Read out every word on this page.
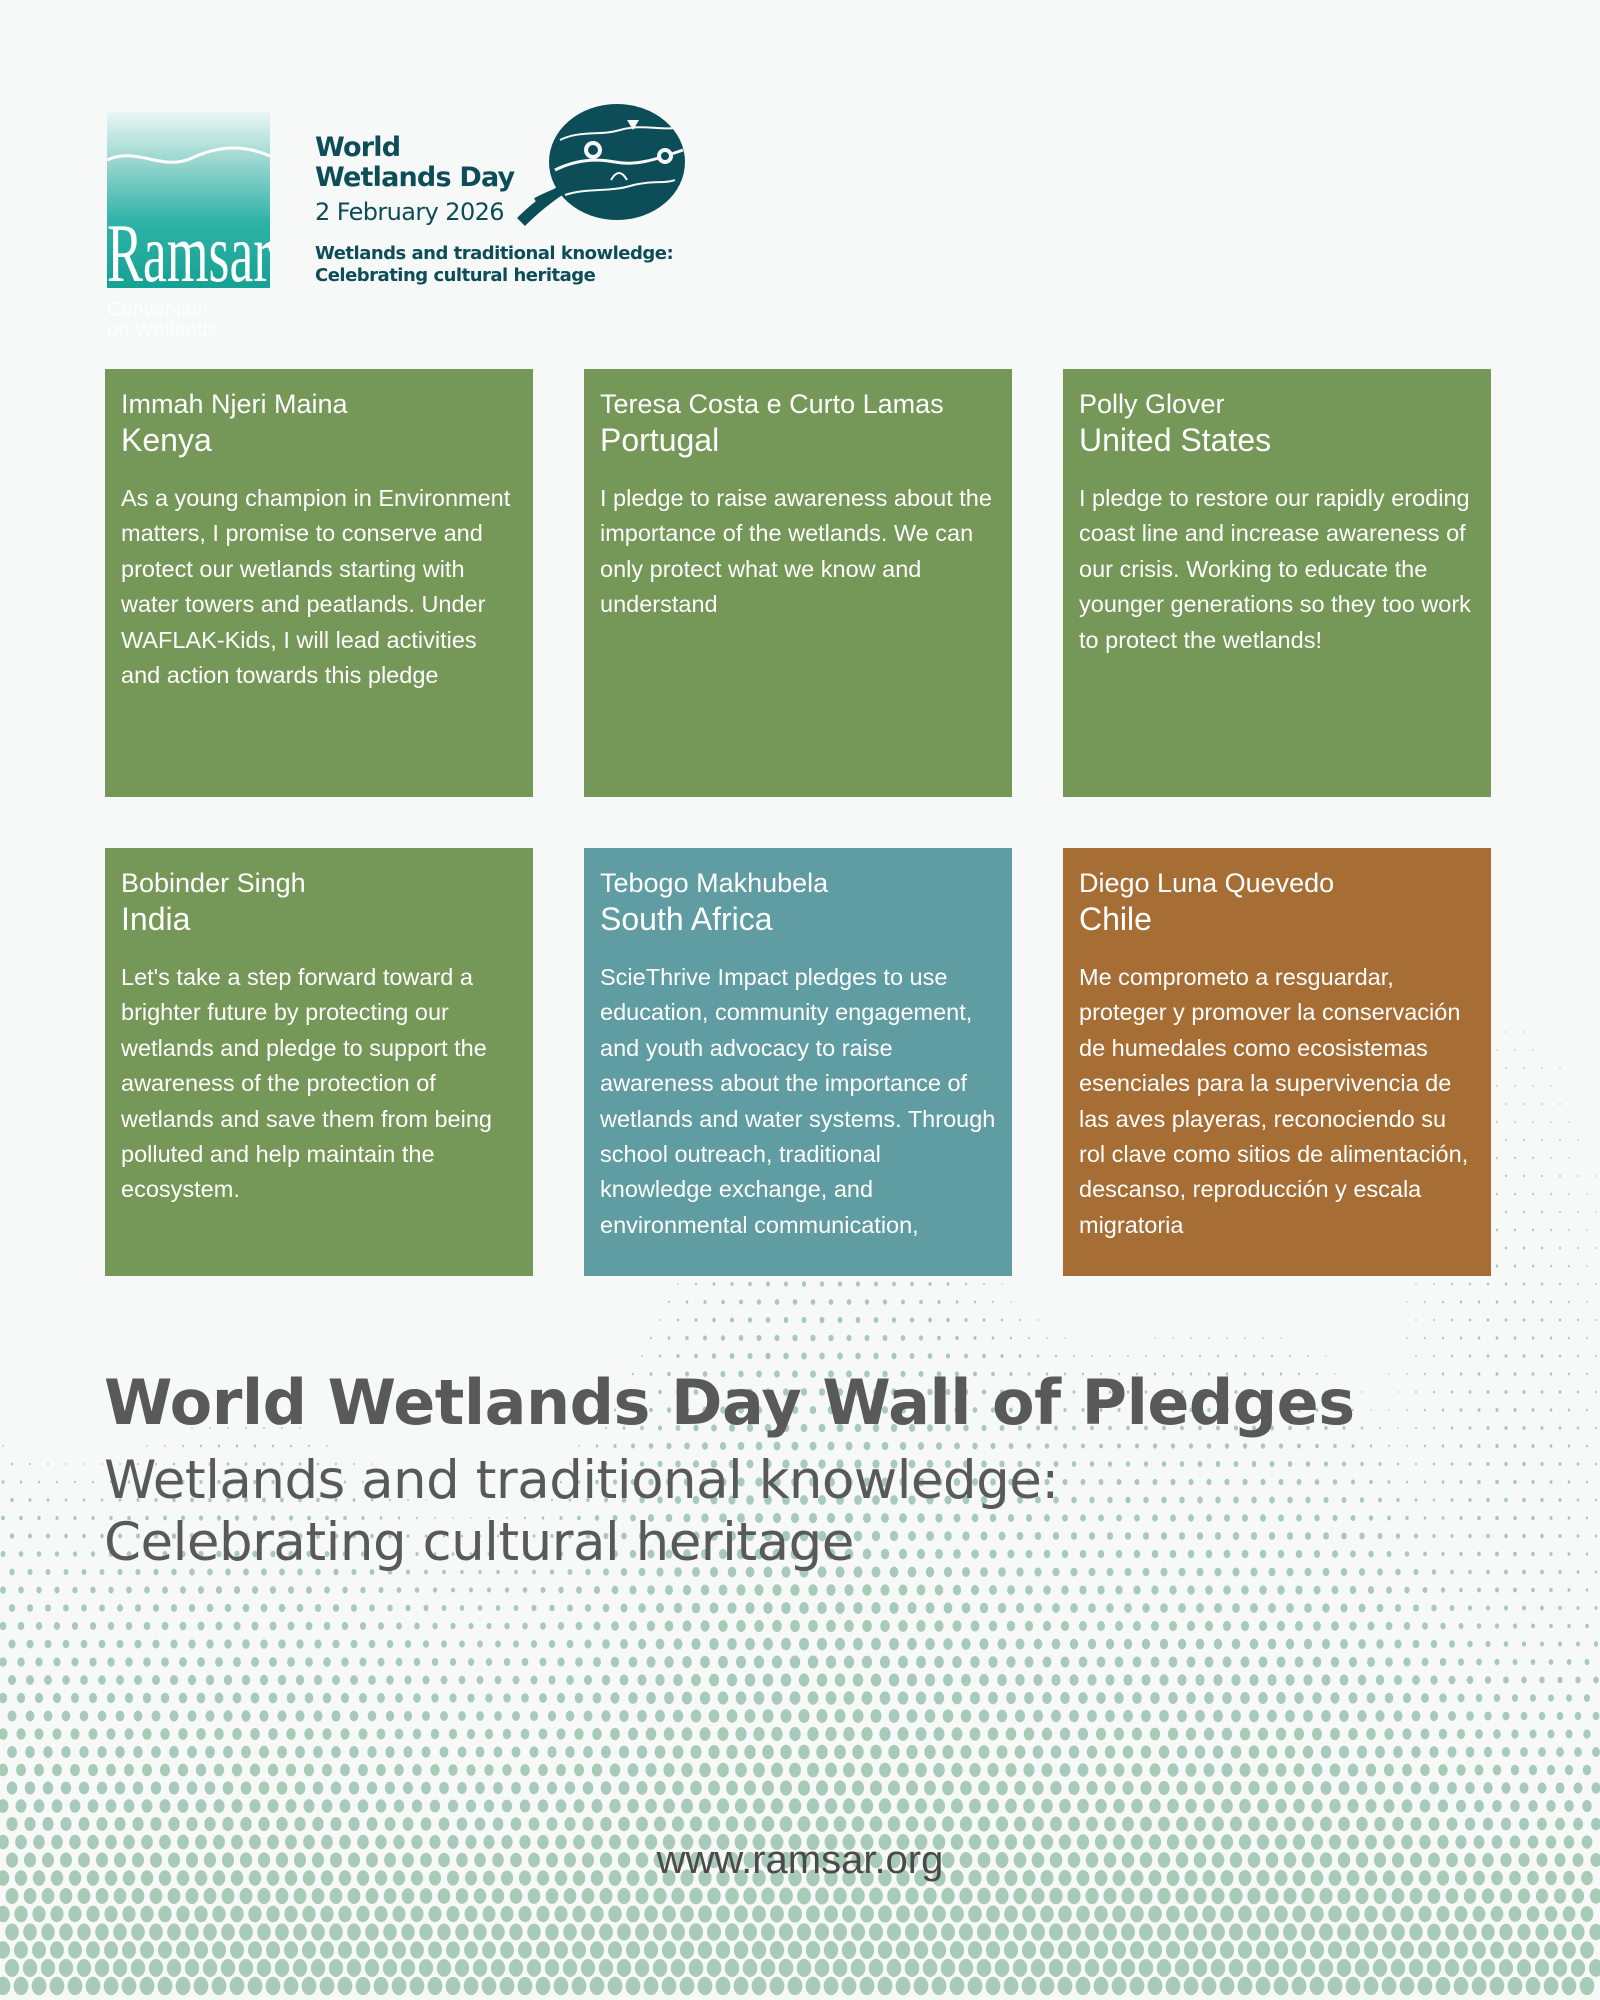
Ramsar
Convention
on Wetlands
World
Wetlands Day
2 February 2026
Wetlands and traditional knowledge:
Celebrating cultural heritage
Immah Njeri Maina
Kenya
As a young champion in Environment matters, I promise to conserve and protect our wetlands starting with water towers and peatlands. Under WAFLAK-Kids, I will lead activities and action towards this pledge
Teresa Costa e Curto Lamas
Portugal
I pledge to raise awareness about the importance of the wetlands. We can only protect what we know and understand
Polly Glover
United States
I pledge to restore our rapidly eroding coast line and increase awareness of our crisis. Working to educate the younger generations so they too work to protect the wetlands!
Bobinder Singh
India
Let's take a step forward toward a brighter future by protecting our wetlands and pledge to support the awareness of the protection of wetlands and save them from being polluted and help maintain the ecosystem.
Tebogo Makhubela
South Africa
ScieThrive Impact pledges to use education, community engagement, and youth advocacy to raise awareness about the importance of wetlands and water systems. Through school outreach, traditional knowledge exchange, and environmental communication,
Diego Luna Quevedo
Chile
Me comprometo a resguardar, proteger y promover la conservación de humedales como ecosistemas esenciales para la supervivencia de las aves playeras, reconociendo su rol clave como sitios de alimentación, descanso, reproducción y escala migratoria
World Wetlands Day Wall of Pledges
Wetlands and traditional knowledge:
Celebrating cultural heritage
www.ramsar.org
